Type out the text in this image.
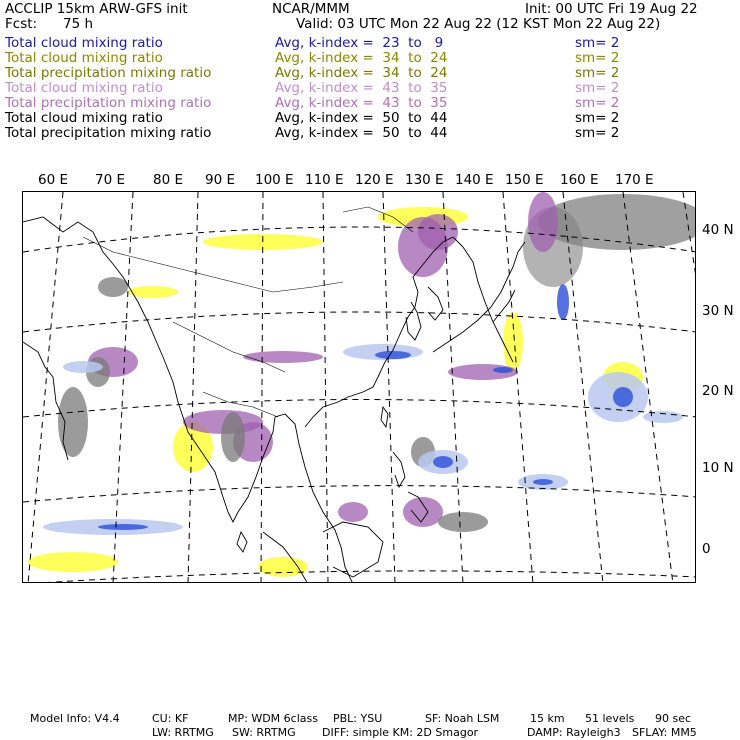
ACCLIP 15km ARW-GFS init	NCAR/MMM	Init: 00 UTC Fri 19 Aug 22
Fcst: 75 h	Valid: 03 UTC Mon 22 Aug 22 (12 KST Mon 22 Aug 22)
Total cloud mixing ratio	Avg, k-index =  23  to   9	sm= 2
Total cloud mixing ratio	Avg, k-index =  34  to  24	sm= 2
Total precipitation mixing ratio	Avg, k-index =  34  to  24	sm= 2
Total cloud mixing ratio	Avg, k-index =  43  to  35	sm= 2
Total precipitation mixing ratio	Avg, k-index =  43  to  35	sm= 2
Total cloud mixing ratio	Avg, k-index =  50  to  44	sm= 2
Total precipitation mixing ratio	Avg, k-index =  50  to  44	sm= 2
60 E 70 E 80 E 90 E 100 E 110 E 120 E 130 E 140 E 150 E 160 E 170 E
40 N
30 N
20 N
10 N
0
Model Info: V4.4	CU: KF	MP: WDM 6class PBL: YSU	SF: Noah LSM	15 km 51 levels 90 sec
LW: RRTMG SW: RRTMG DIFF: simple KM: 2D Smagor	DAMP: Rayleigh3 SFLAY: MM5
